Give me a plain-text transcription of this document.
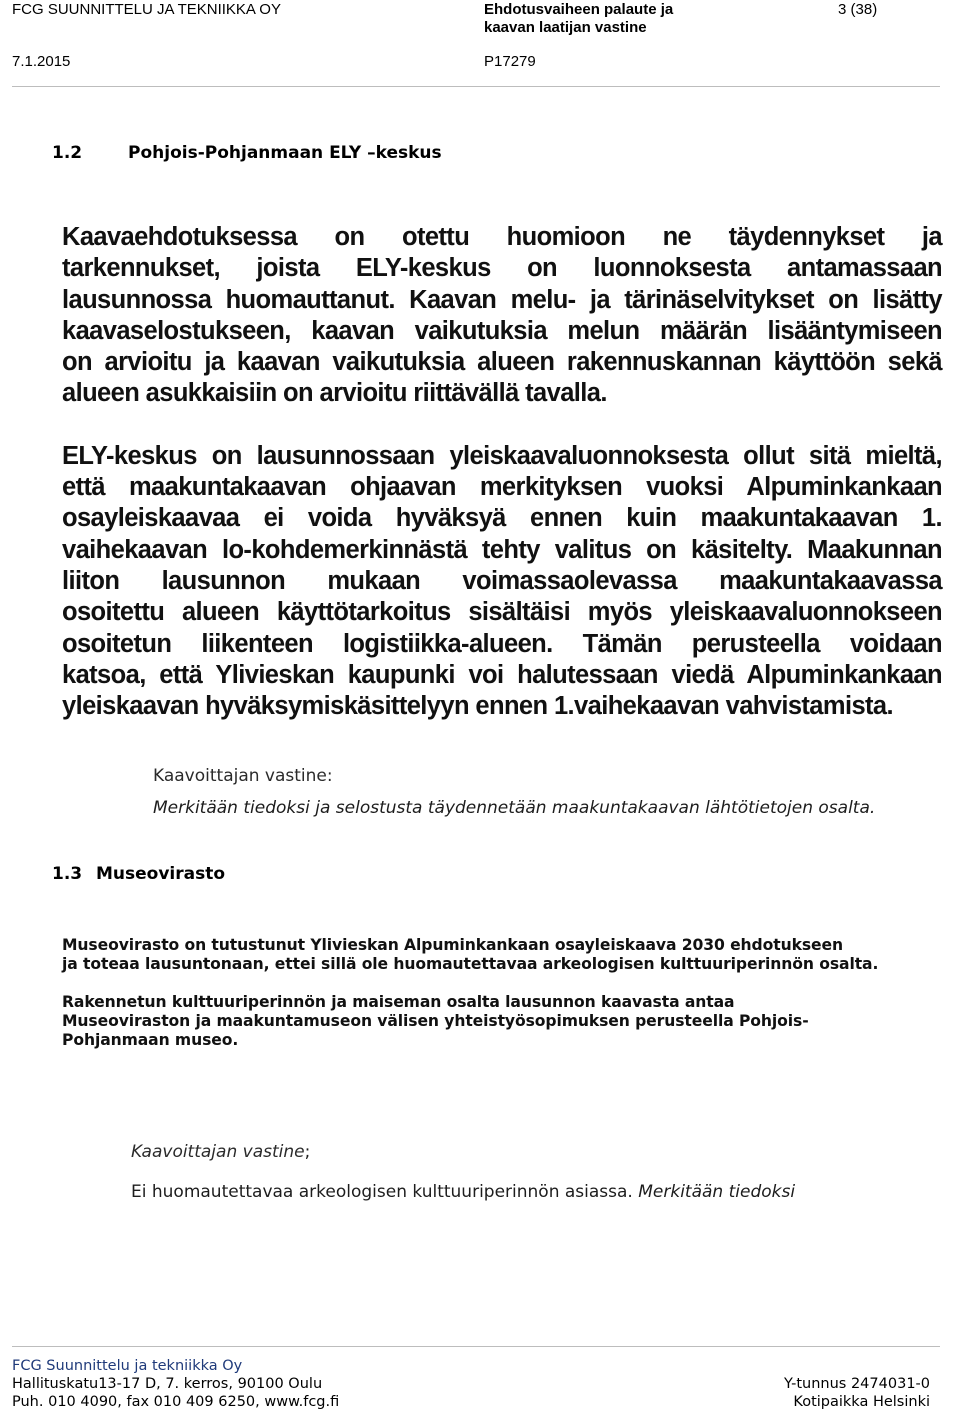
FCG SUUNNITTELU JA TEKNIIKKA OY	Ehdotusvaiheen palaute ja
kaavan laatijan vastine
3 (38)
7.1.2015	P17279
1.2	Pohjois-Pohjanmaan ELY –keskus

Kaavaehdotuksessa on otettu huomioon ne täydennykset ja
tarkennukset, joista ELY-keskus on luonnoksesta antamassaan
lausunnossa huomauttanut. Kaavan melu- ja tärinäselvitykset on lisätty
kaavaselostukseen, kaavan vaikutuksia melun määrän lisääntymiseen
on arvioitu ja kaavan vaikutuksia alueen rakennuskannan käyttöön sekä
alueen asukkaisiin on arvioitu riittävällä tavalla.

ELY-keskus on lausunnossaan yleiskaavaluonnoksesta ollut sitä mieltä,
että maakuntakaavan ohjaavan merkityksen vuoksi Alpuminkankaan
osayleiskaavaa ei voida hyväksyä ennen kuin maakuntakaavan 1.
vaihekaavan lo-kohdemerkinnästä tehty valitus on käsitelty. Maakunnan
liiton lausunnon mukaan voimassaolevassa maakuntakaavassa
osoitettu alueen käyttötarkoitus sisältäisi myös yleiskaavaluonnokseen
osoitetun liikenteen logistiikka-alueen. Tämän perusteella voidaan
katsoa, että Ylivieskan kaupunki voi halutessaan viedä Alpuminkankaan
yleiskaavan hyväksymiskäsittelyyn ennen 1.vaihekaavan vahvistamista.

Kaavoittajan vastine:
Merkitään tiedoksi ja selostusta täydennetään maakuntakaavan lähtötietojen osalta.
1.3 Museovirasto

Museovirasto on tutustunut Ylivieskan Alpuminkankaan osayleiskaava 2030 ehdotukseen
ja toteaa lausuntonaan, ettei sillä ole huomautettavaa arkeologisen kulttuuriperinnön osalta.

Rakennetun kulttuuriperinnön ja maiseman osalta lausunnon kaavasta antaa
Museoviraston ja maakuntamuseon välisen yhteistyösopimuksen perusteella Pohjois-
Pohjanmaan museo.

Kaavoittajan vastine;
Ei huomautettavaa arkeologisen kulttuuriperinnön asiassa. Merkitään tiedoksi
FCG Suunnittelu ja tekniikka Oy
Hallituskatu13-17 D, 7. kerros, 90100 Oulu
Puh. 010 4090, fax 010 409 6250, www.fcg.fi
Y-tunnus 2474031-0
Kotipaikka Helsinki
